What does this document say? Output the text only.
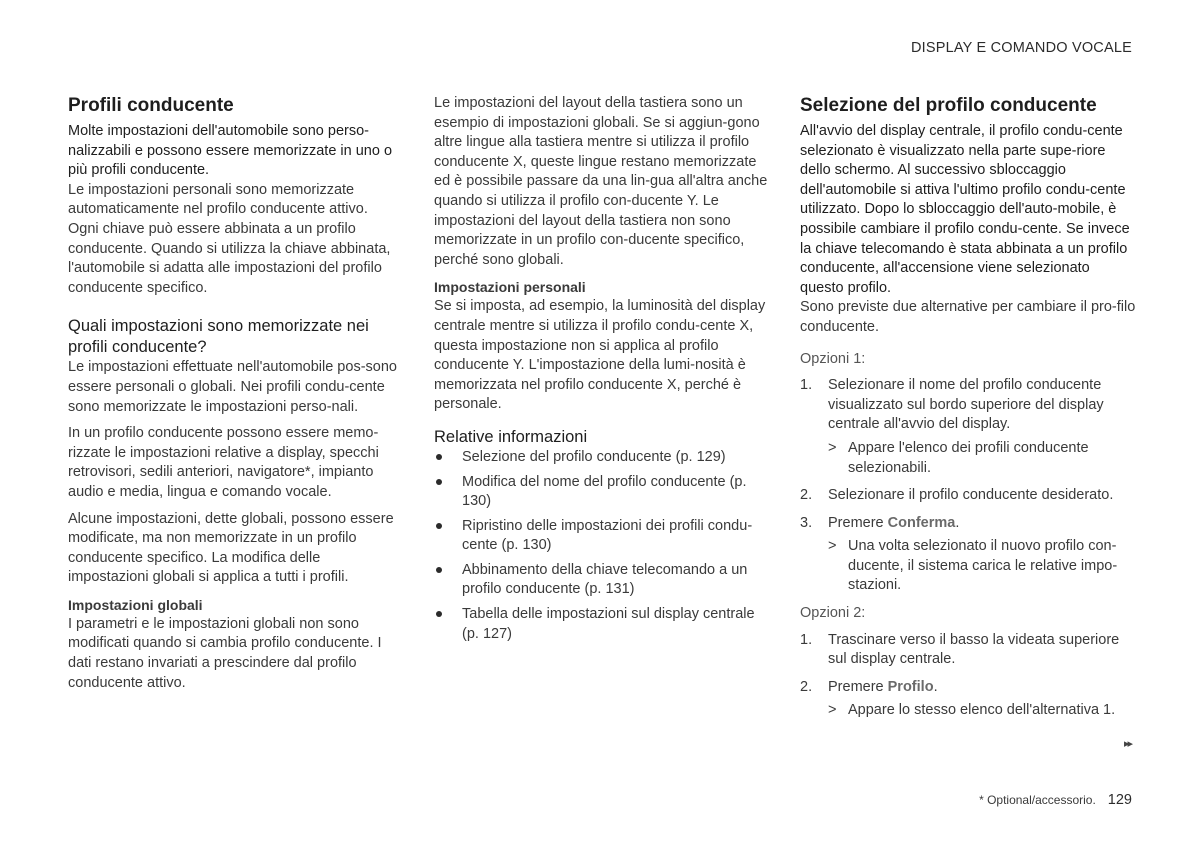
DISPLAY E COMANDO VOCALE
Profili conducente

Molte impostazioni dell'automobile sono perso-nalizzabili e possono essere memorizzate in uno o più profili conducente.

Le impostazioni personali sono memorizzate automaticamente nel profilo conducente attivo. Ogni chiave può essere abbinata a un profilo conducente. Quando si utilizza la chiave abbinata, l'automobile si adatta alle impostazioni del profilo conducente specifico.

Quali impostazioni sono memorizzate nei profili conducente?

Le impostazioni effettuate nell'automobile pos-sono essere personali o globali. Nei profili condu-cente sono memorizzate le impostazioni perso-nali.

In un profilo conducente possono essere memo-rizzate le impostazioni relative a display, specchi retrovisori, sedili anteriori, navigatore*, impianto audio e media, lingua e comando vocale.

Alcune impostazioni, dette globali, possono essere modificate, ma non memorizzate in un profilo conducente specifico. La modifica delle impostazioni globali si applica a tutti i profili.

Impostazioni globali

I parametri e le impostazioni globali non sono modificati quando si cambia profilo conducente. I dati restano invariati a prescindere dal profilo conducente attivo.

Le impostazioni del layout della tastiera sono un esempio di impostazioni globali. Se si aggiun-gono altre lingue alla tastiera mentre si utilizza il profilo conducente X, queste lingue restano memorizzate ed è possibile passare da una lin-gua all'altra anche quando si utilizza il profilo con-ducente Y. Le impostazioni del layout della tastiera non sono memorizzate in un profilo con-ducente specifico, perché sono globali.

Impostazioni personali

Se si imposta, ad esempio, la luminosità del display centrale mentre si utilizza il profilo condu-cente X, questa impostazione non si applica al profilo conducente Y. L'impostazione della lumi-nosità è memorizzata nel profilo conducente X, perché è personale.

Relative informazioni
Selezione del profilo conducente (p. 129)
Modifica del nome del profilo conducente (p. 130)
Ripristino delle impostazioni dei profili condu-cente (p. 130)
Abbinamento della chiave telecomando a un profilo conducente (p. 131)
Tabella delle impostazioni sul display centrale (p. 127)
Selezione del profilo conducente

All'avvio del display centrale, il profilo condu-cente selezionato è visualizzato nella parte supe-riore dello schermo. Al successivo sbloccaggio dell'automobile si attiva l'ultimo profilo condu-cente utilizzato. Dopo lo sbloccaggio dell'auto-mobile, è possibile cambiare il profilo condu-cente. Se invece la chiave telecomando è stata abbinata a un profilo conducente, all'accensione viene selezionato questo profilo.

Sono previste due alternative per cambiare il pro-filo conducente.

Opzioni 1:
1. Selezionare il nome del profilo conducente visualizzato sul bordo superiore del display centrale all'avvio del display.
> Appare l'elenco dei profili conducente selezionabili.
2. Selezionare il profilo conducente desiderato.
3. Premere Conferma.
> Una volta selezionato il nuovo profilo con-ducente, il sistema carica le relative impo-stazioni.
Opzioni 2:
1. Trascinare verso il basso la videata superiore sul display centrale.
2. Premere Profilo.
> Appare lo stesso elenco dell'alternativa 1.
▸▸
* Optional/accessorio. 129
